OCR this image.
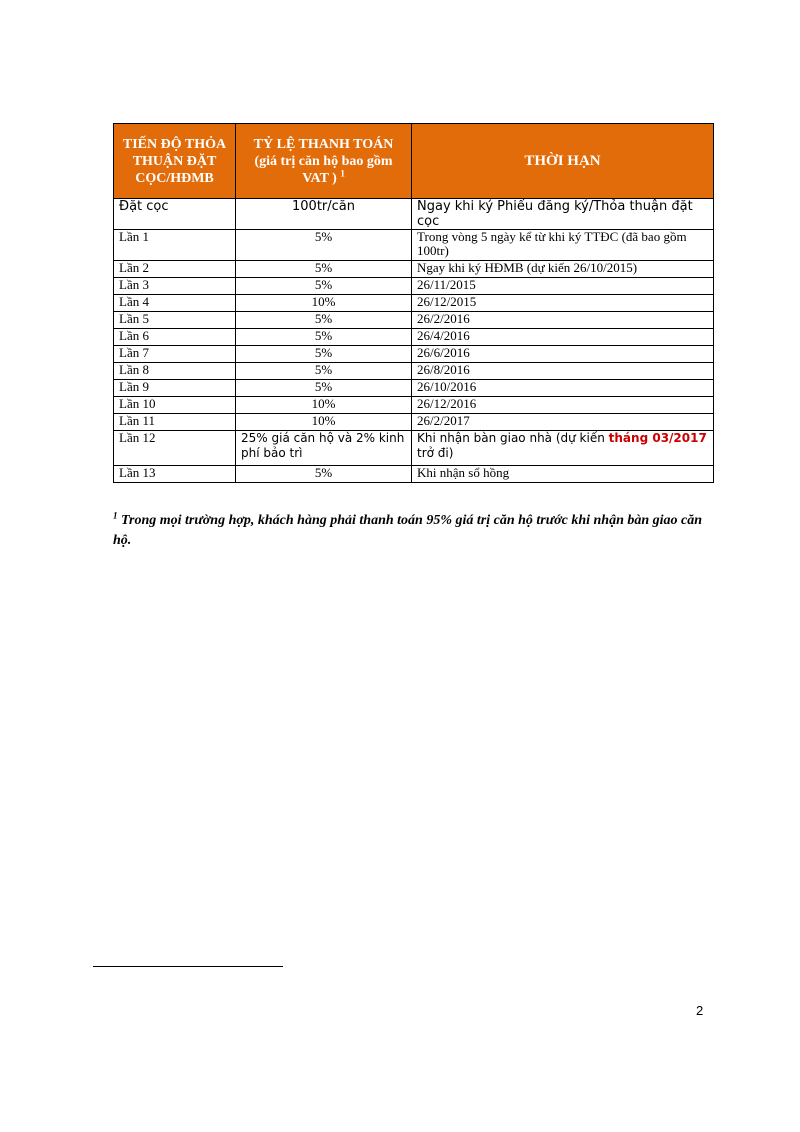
TIẾN ĐỘ THỎA THUẬN ĐẶT CỌC/HĐMB	TỶ LỆ THANH TOÁN (giá trị căn hộ bao gồm VAT ) $^1$	THỜI HẠN
Đặt cọc	100tr/căn	Ngay khi ký Phiếu đăng ký/Thỏa thuận đặt cọc
Lần 1	5%	Trong vòng 5 ngày kể từ khi ký TTĐC (đã bao gồm 100tr)
Lần 2	5%	Ngay khi ký HĐMB (dự kiến 26/10/2015)
Lần 3	5%	26/11/2015
Lần 4	10%	26/12/2015
Lần 5	5%	26/2/2016
Lần 6	5%	26/4/2016
Lần 7	5%	26/6/2016
Lần 8	5%	26/8/2016
Lần 9	5%	26/10/2016
Lần 10	10%	26/12/2016
Lần 11	10%	26/2/2017
Lần 12	25% giá căn hộ và 2% kinh phí bảo trì	Khi nhận bàn giao nhà (dự kiến tháng 03/2017 trở đi)
Lần 13	5%	Khi nhận sổ hồng
$^1$ Trong mọi trường hợp, khách hàng phải thanh toán 95% giá trị căn hộ trước khi nhận bàn giao căn hộ.
2
